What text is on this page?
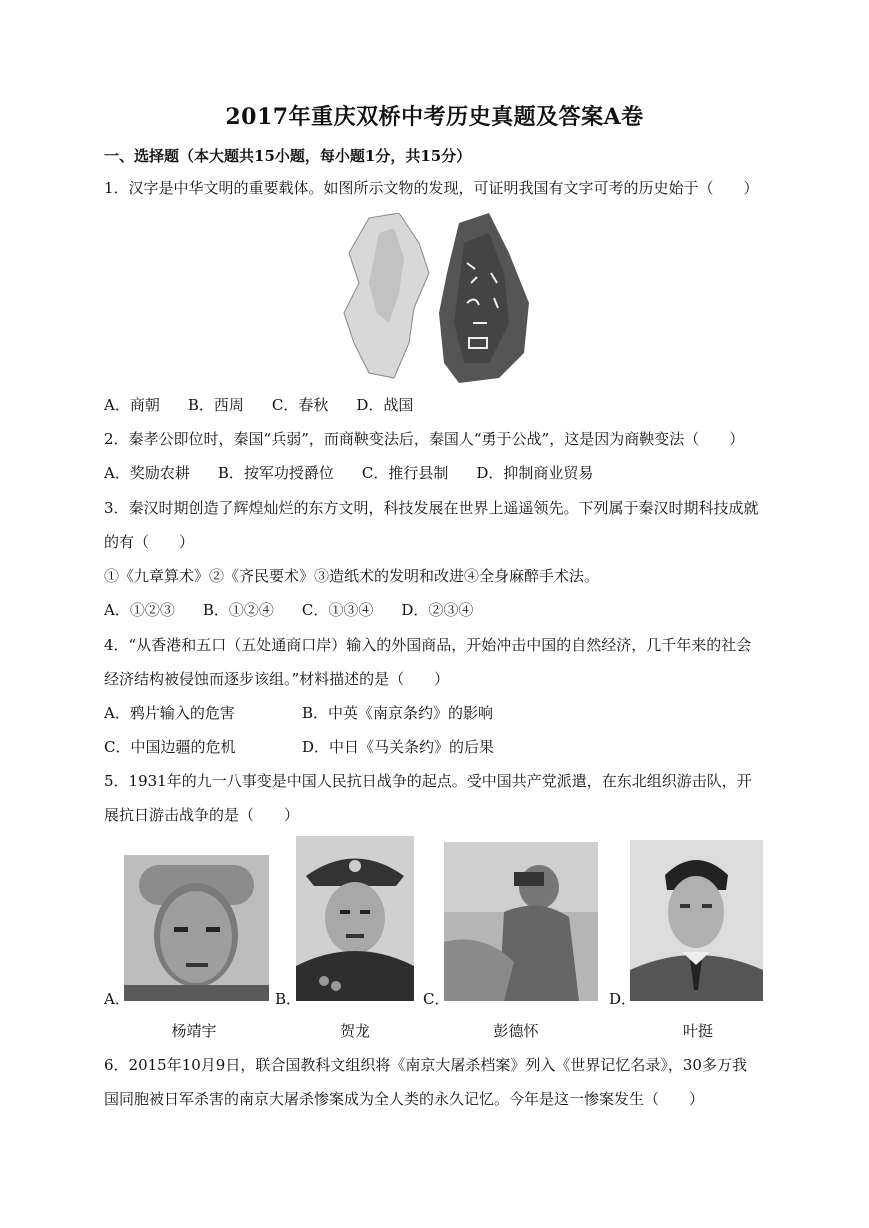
2017年重庆双桥中考历史真题及答案A卷
一、选择题（本大题共15小题，每小题1分，共15分）
1．汉字是中华文明的重要载体。如图所示文物的发现，可证明我国有文字可考的历史始于（　　）
A．商朝 B．西周 C．春秋 D．战国
2．秦孝公即位时，秦国“兵弱”，而商鞅变法后，秦国人“勇于公战”，这是因为商鞅变法（　　）
A．奖励农耕 B．按军功授爵位 C．推行县制 D．抑制商业贸易
3．秦汉时期创造了辉煌灿烂的东方文明，科技发展在世界上遥遥领先。下列属于秦汉时期科技成就
的有（　　）
①《九章算术》②《齐民要术》③造纸术的发明和改进④全身麻醉手术法。
A．①②③ B．①②④ C．①③④ D．②③④
4．“从香港和五口（五处通商口岸）输入的外国商品，开始冲击中国的自然经济，几千年来的社会
经济结构被侵蚀而逐步该组。”材料描述的是（　　）
A．鸦片输入的危害	B．中英《南京条约》的影响
C．中国边疆的危机	D．中日《马关条约》的后果
5．1931年的九一八事变是中国人民抗日战争的起点。受中国共产党派遣，在东北组织游击队，开
展抗日游击战争的是（　　）
A．	B．	C．	D．
杨靖宇	贺龙	彭德怀	叶挺
6．2015年10月9日，联合国教科文组织将《南京大屠杀档案》列入《世界记忆名录》，30多万我
国同胞被日军杀害的南京大屠杀惨案成为全人类的永久记忆。今年是这一惨案发生（　　）
